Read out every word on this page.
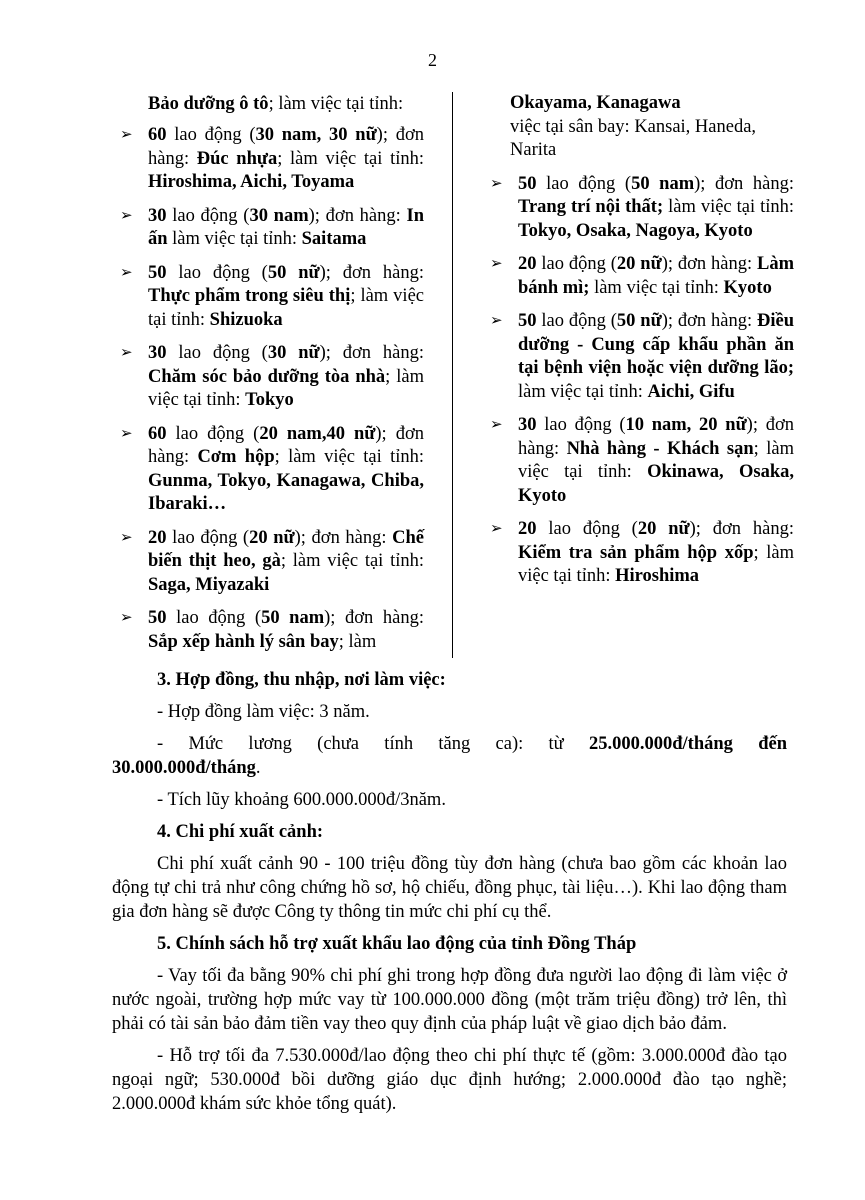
2
Bảo dưỡng ô tô; làm việc tại tỉnh:
➢ 60 lao động (30 nam, 30 nữ); đơn hàng: Đúc nhựa; làm việc tại tỉnh: Hiroshima, Aichi, Toyama
➢ 30 lao động (30 nam); đơn hàng: In ấn làm việc tại tỉnh: Saitama
➢ 50 lao động (50 nữ); đơn hàng: Thực phẩm trong siêu thị; làm việc tại tỉnh: Shizuoka
➢ 30 lao động (30 nữ); đơn hàng: Chăm sóc bảo dưỡng tòa nhà; làm việc tại tỉnh: Tokyo
➢ 60 lao động (20 nam,40 nữ); đơn hàng: Cơm hộp; làm việc tại tỉnh: Gunma, Tokyo, Kanagawa, Chiba, Ibaraki…
➢ 20 lao động (20 nữ); đơn hàng: Chế biến thịt heo, gà; làm việc tại tỉnh: Saga, Miyazaki
➢ 50 lao động (50 nam); đơn hàng: Sắp xếp hành lý sân bay; làm
Okayama, Kanagawa
việc tại sân bay: Kansai, Haneda, Narita
➢ 50 lao động (50 nam); đơn hàng: Trang trí nội thất; làm việc tại tỉnh: Tokyo, Osaka, Nagoya, Kyoto
➢ 20 lao động (20 nữ); đơn hàng: Làm bánh mì; làm việc tại tỉnh: Kyoto
➢ 50 lao động (50 nữ); đơn hàng: Điều dưỡng - Cung cấp khẩu phần ăn tại bệnh viện hoặc viện dưỡng lão; làm việc tại tỉnh: Aichi, Gifu
➢ 30 lao động (10 nam, 20 nữ); đơn hàng: Nhà hàng - Khách sạn; làm việc tại tỉnh: Okinawa, Osaka, Kyoto
➢ 20 lao động (20 nữ); đơn hàng: Kiểm tra sản phẩm hộp xốp; làm việc tại tỉnh: Hiroshima
3. Hợp đồng, thu nhập, nơi làm việc:
- Hợp đồng làm việc: 3 năm.
- Mức lương (chưa tính tăng ca): từ 25.000.000đ/tháng đến 30.000.000đ/tháng.
- Tích lũy khoảng 600.000.000đ/3năm.
4. Chi phí xuất cảnh:
Chi phí xuất cảnh 90 - 100 triệu đồng tùy đơn hàng (chưa bao gồm các khoản lao động tự chi trả như công chứng hồ sơ, hộ chiếu, đồng phục, tài liệu…). Khi lao động tham gia đơn hàng sẽ được Công ty thông tin mức chi phí cụ thể.
5. Chính sách hỗ trợ xuất khẩu lao động của tỉnh Đồng Tháp
- Vay tối đa bằng 90% chi phí ghi trong hợp đồng đưa người lao động đi làm việc ở nước ngoài, trường hợp mức vay từ 100.000.000 đồng (một trăm triệu đồng) trở lên, thì phải có tài sản bảo đảm tiền vay theo quy định của pháp luật về giao dịch bảo đảm.
- Hỗ trợ tối đa 7.530.000đ/lao động theo chi phí thực tế (gồm: 3.000.000đ đào tạo ngoại ngữ; 530.000đ bồi dưỡng giáo dục định hướng; 2.000.000đ đào tạo nghề; 2.000.000đ khám sức khỏe tổng quát).
